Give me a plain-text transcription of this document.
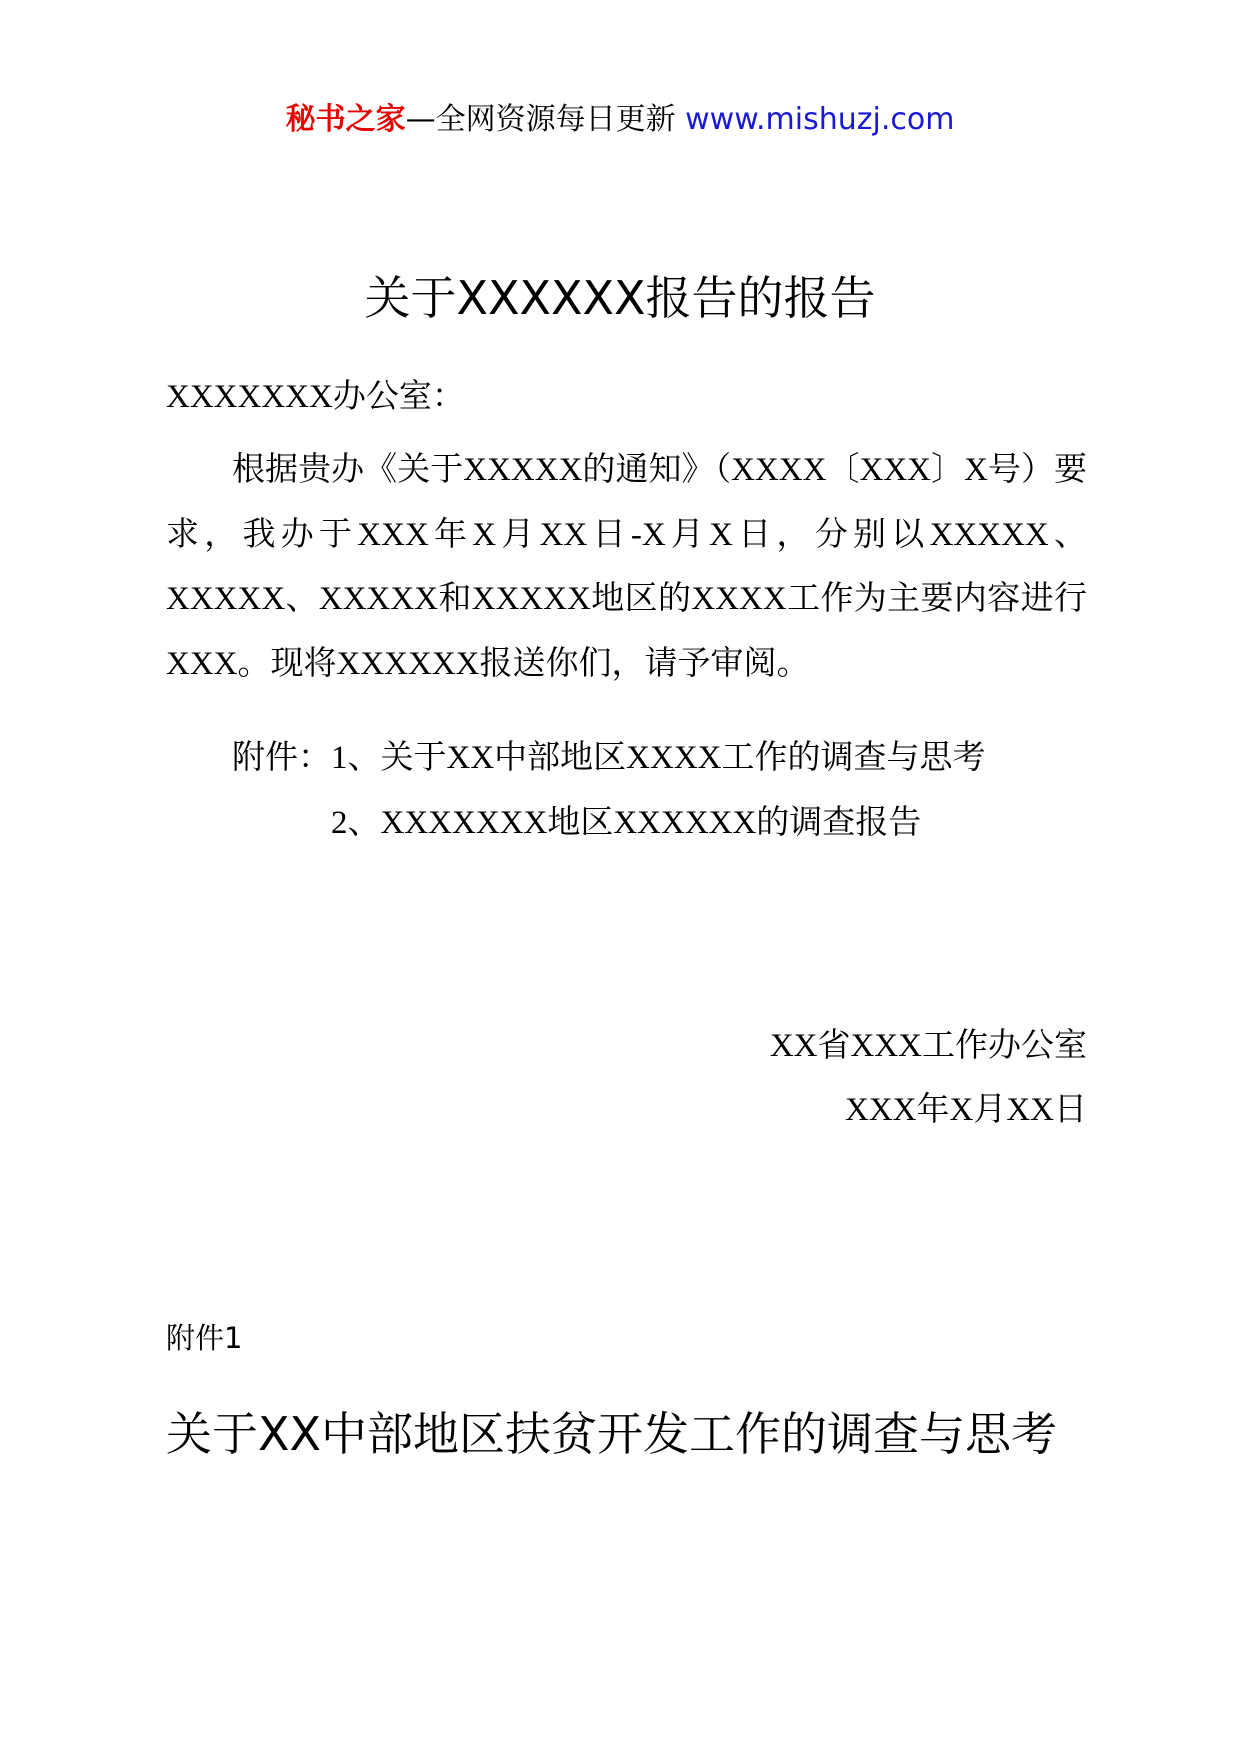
秘书之家—全网资源每日更新 www.mishuzj.com
关于XXXXXX报告的报告
XXXXXXX办公室：

根据贵办《关于XXXXX的通知》（XXXX〔XXX〕X号）要求，我办于XXX年X月XX日-X月X日，分别以XXXXX、XXXXX、XXXXX和XXXXX地区的XXXX工作为主要内容进行XXX。现将XXXXXX报送你们，请予审阅。

附件：1、关于XX中部地区XXXX工作的调查与思考
2、XXXXXXX地区XXXXXX的调查报告
XX省XXX工作办公室
XXX年X月XX日
附件1
关于XX中部地区扶贫开发工作的调查与思考
